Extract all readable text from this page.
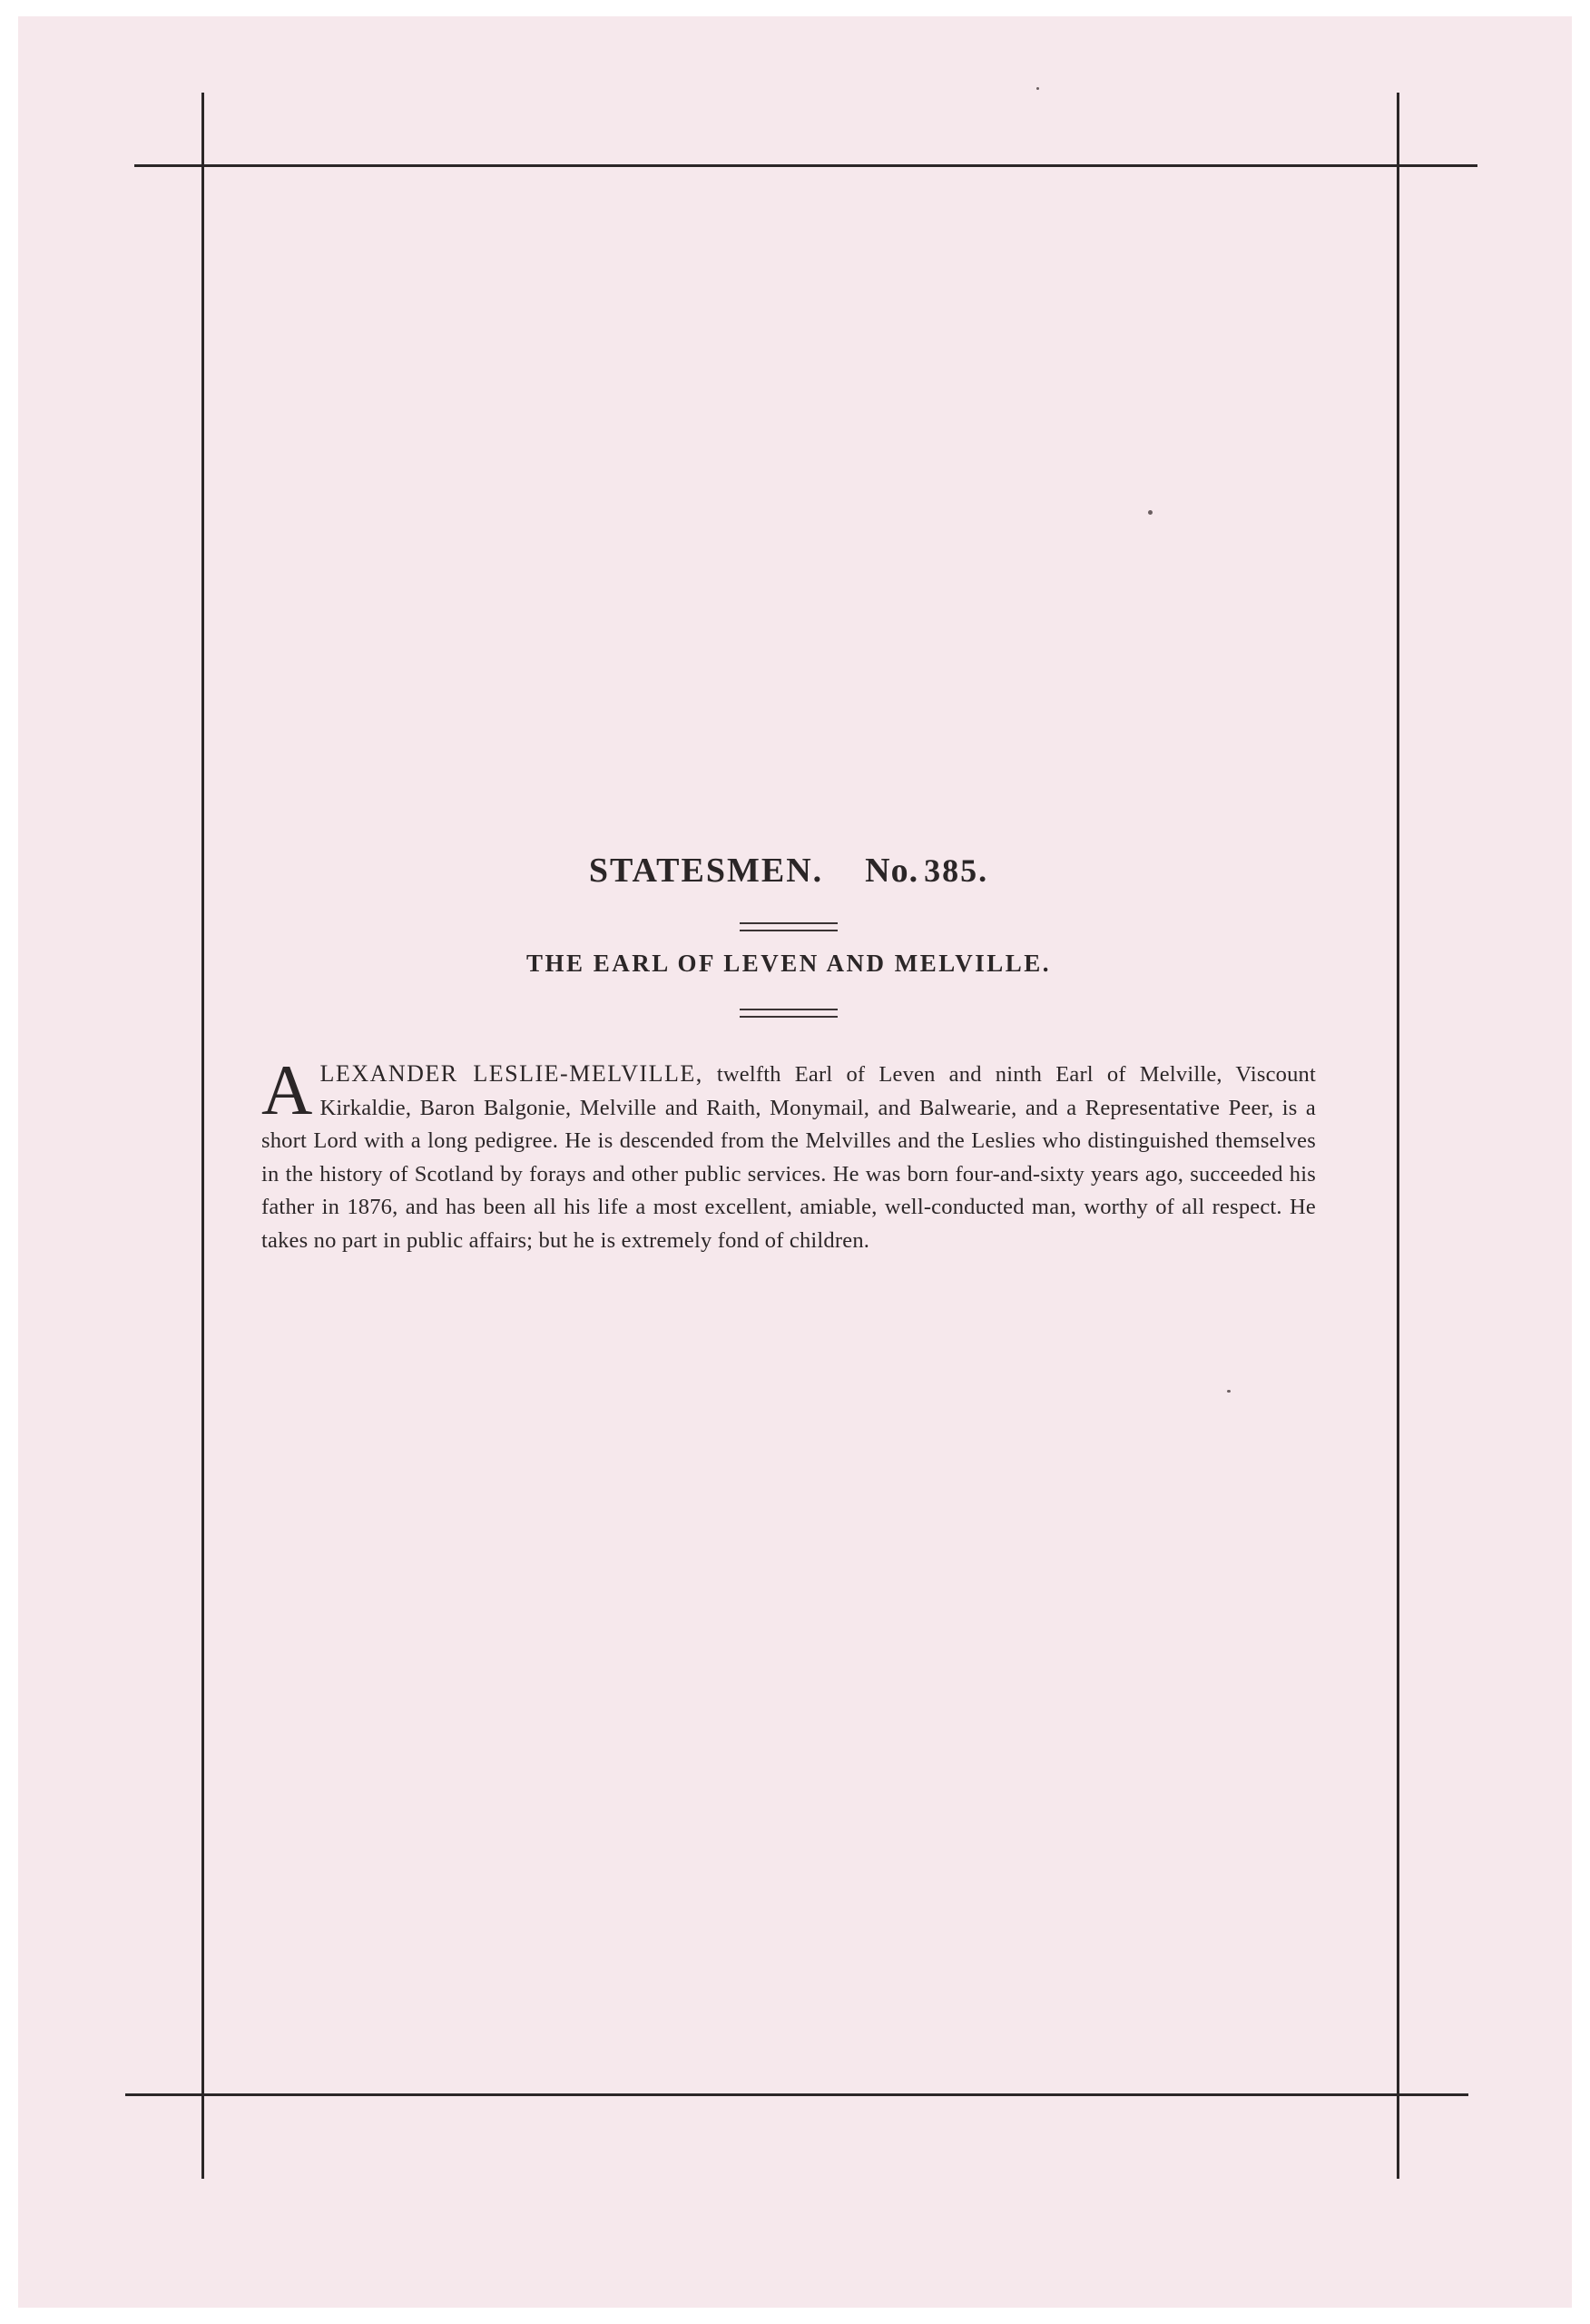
STATESMEN. No. 385.
THE EARL OF LEVEN AND MELVILLE.

ALEXANDER LESLIE-MELVILLE, twelfth Earl of Leven and ninth Earl of Melville, Viscount Kirkaldie, Baron Balgonie, Melville and Raith, Monymail, and Balwearie, and a Representative Peer, is a short Lord with a long pedigree. He is descended from the Melvilles and the Leslies who distinguished themselves in the history of Scotland by forays and other public services. He was born four-and-sixty years ago, succeeded his father in 1876, and has been all his life a most excellent, amiable, well-conducted man, worthy of all respect. He takes no part in public affairs; but he is extremely fond of children.
